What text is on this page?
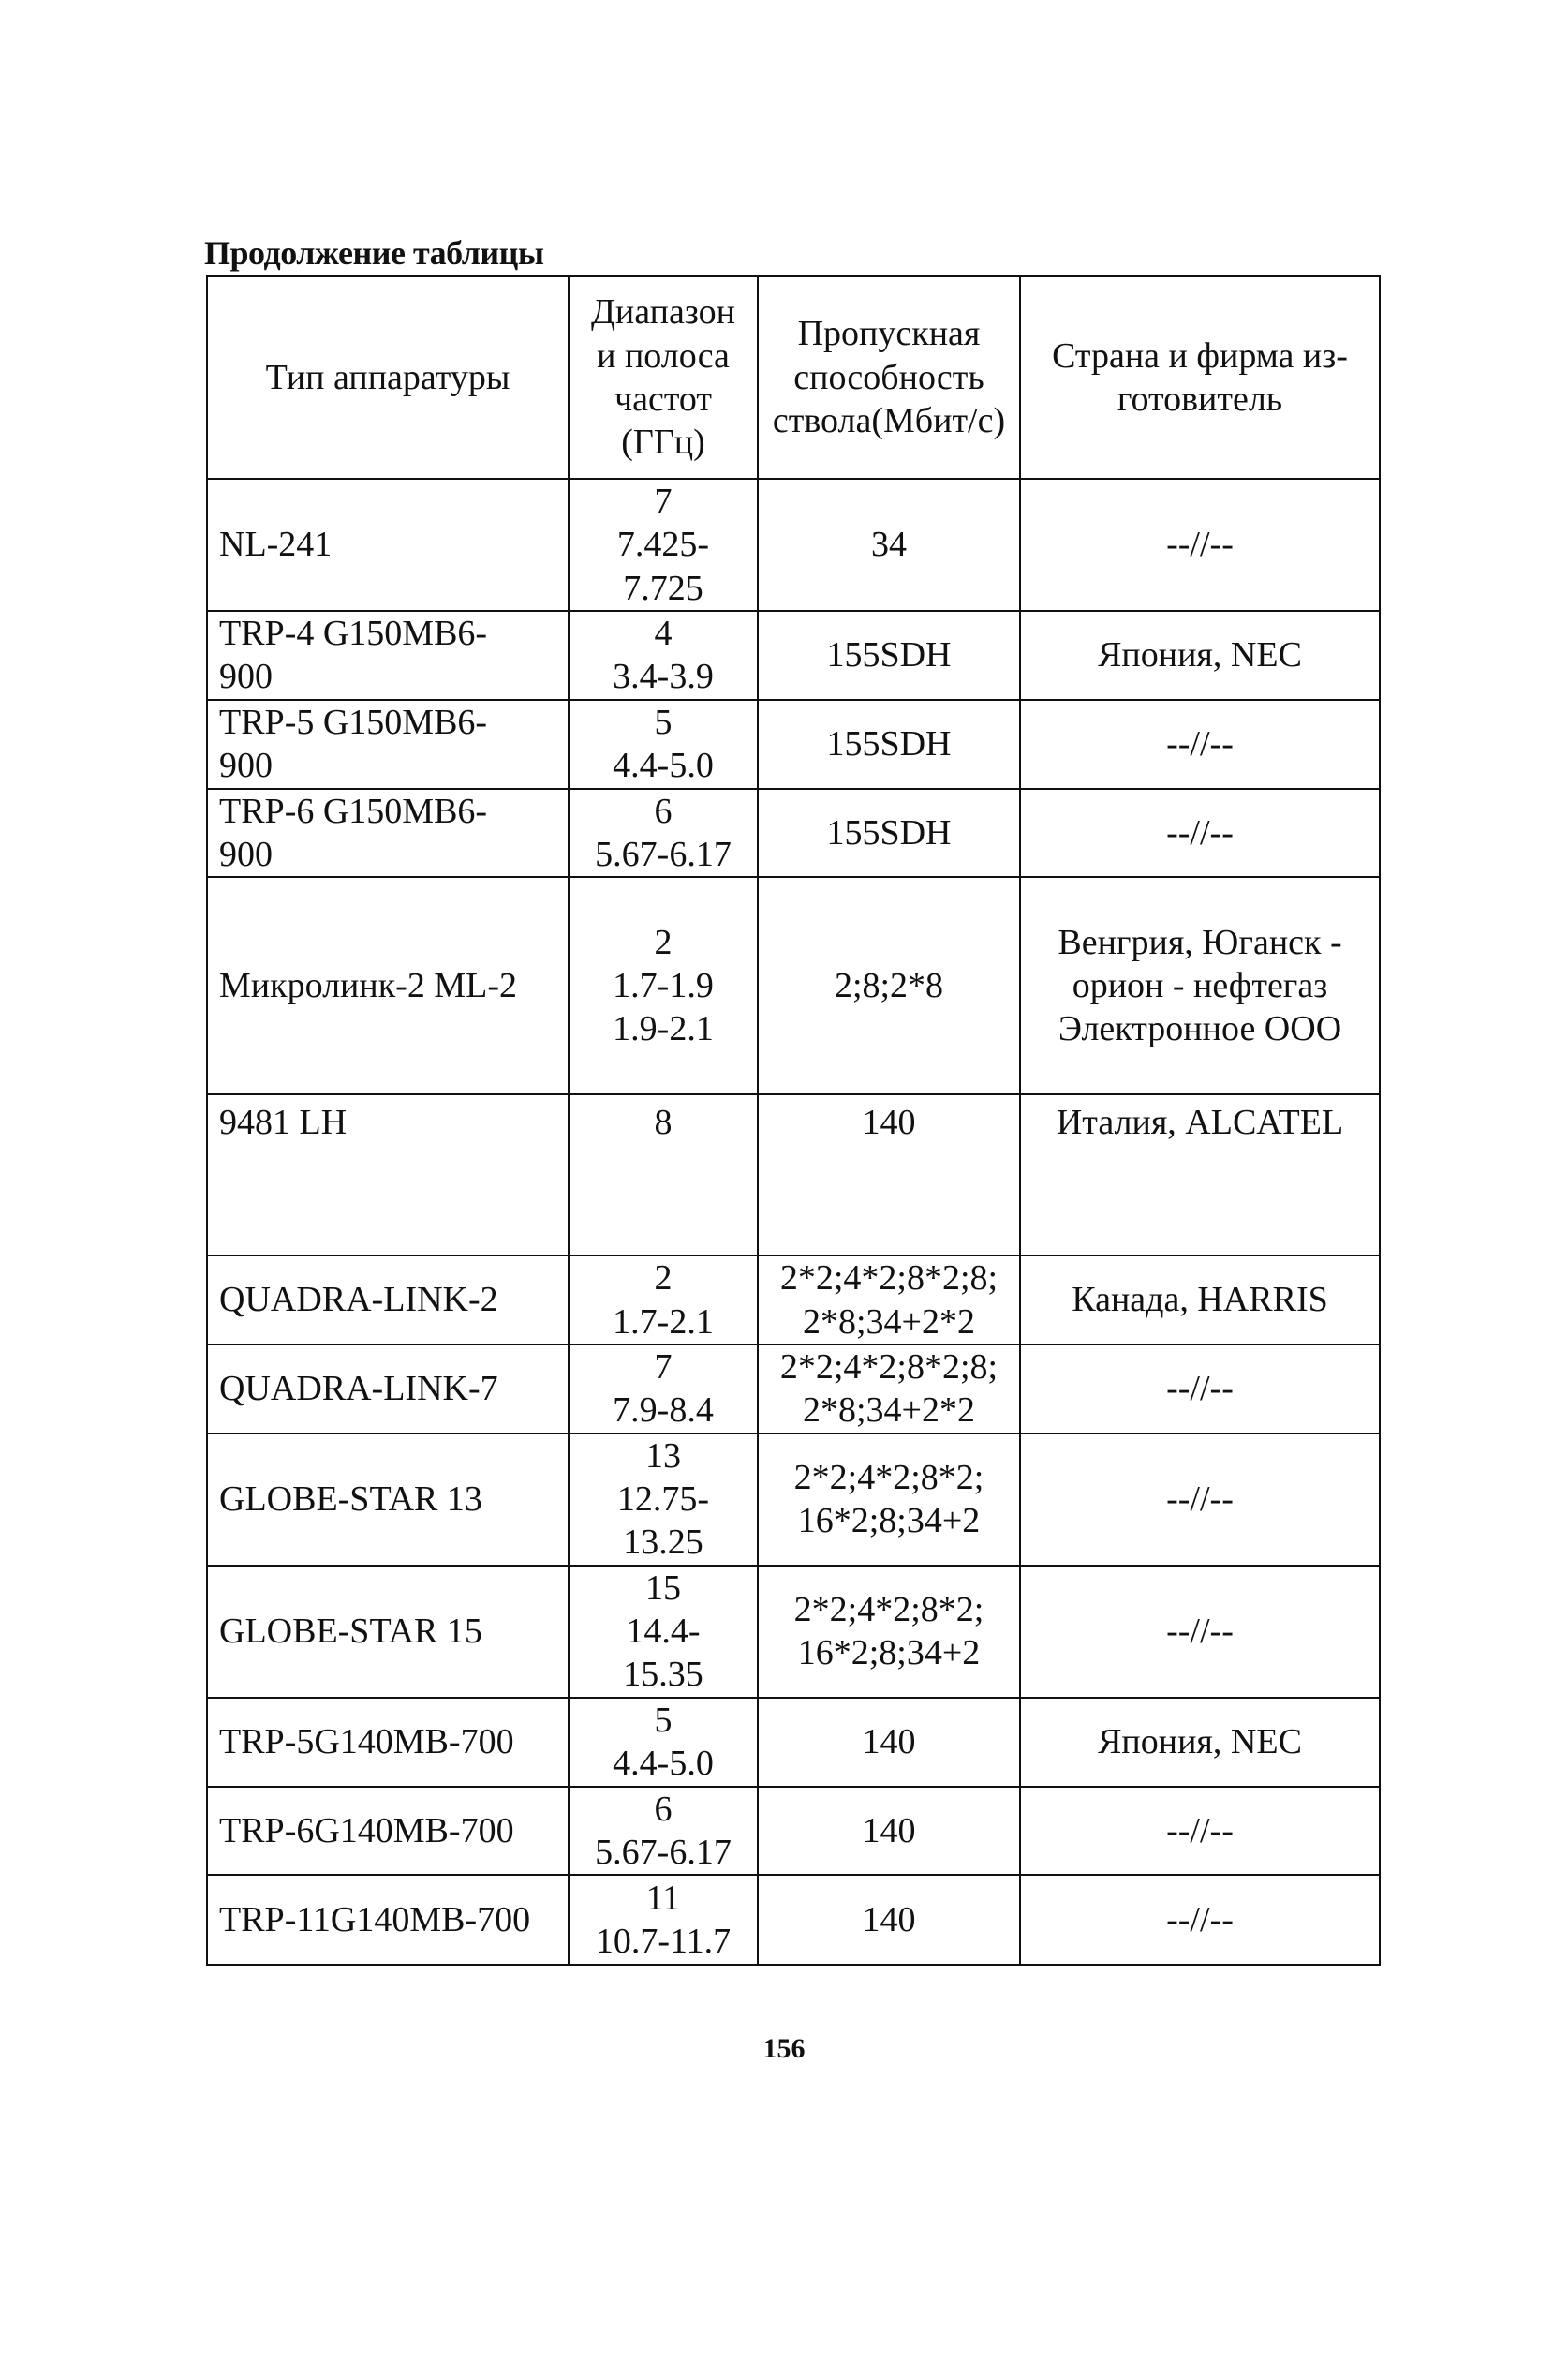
Продолжение таблицы
Тип аппаратуры	Диапазон
и полоса
частот
(ГГц)	Пропускная
способность
ствола(Мбит/с)	Страна и фирма из-
готовитель

NL-241	7
7.425-
7.725	34	--//--

TRP-4 G150MB6-
900	4
3.4-3.9	155SDH	Япония, NEC

TRP-5 G150MB6-
900	5
4.4-5.0	155SDH	--//--

TRP-6 G150MB6-
900	6
5.67-6.17	155SDH	--//--

Микролинк-2 ML-2	2
1.7-1.9
1.9-2.1	2;8;2*8	Венгрия, Юганск -
орион - нефтегаз
Электронное ООО

9481 LH	8	140	Италия, ALCATEL

QUADRA-LINK-2	2
1.7-2.1	2*2;4*2;8*2;8;
2*8;34+2*2	Канада, HARRIS

QUADRA-LINK-7	7
7.9-8.4	2*2;4*2;8*2;8;
2*8;34+2*2	--//--

GLOBE-STAR 13	13
12.75-
13.25	2*2;4*2;8*2;
16*2;8;34+2	--//--

GLOBE-STAR 15	15
14.4-
15.35	2*2;4*2;8*2;
16*2;8;34+2	--//--

TRP-5G140MB-700	5
4.4-5.0	140	Япония, NEC

TRP-6G140MB-700	6
5.67-6.17	140	--//--

TRP-11G140MB-700	11
10.7-11.7	140	--//--
156
